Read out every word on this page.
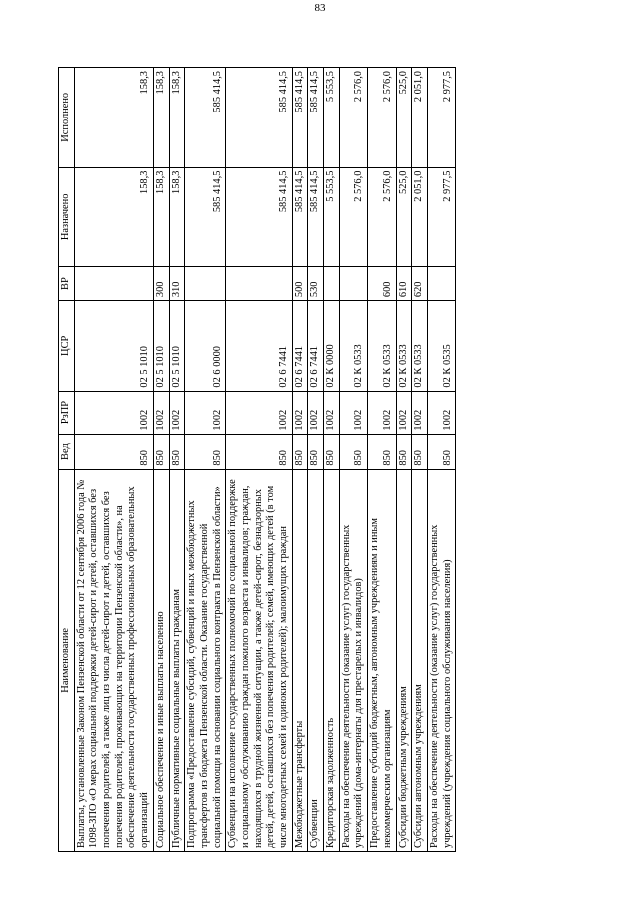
83
Наименование	Вед	РзПР	ЦСР	ВР	Назначено	Исполнено
Выплаты, установленные Законом Пензенской области от 12 сентября 2006 года № 1098-ЗПО «О мерах социальной поддержки детей-сирот и детей, оставшихся без попечения родителей, а также лиц из числа детей-сирот и детей, оставшихся без попечения родителей, проживающих на территории Пензенской области», на обеспечение деятельности государственных профессиональных образовательных организаций	850	1002	02 5 1010		158,3	158,3
Социальное обеспечение и иные выплаты населению	850	1002	02 5 1010	300	158,3	158,3
Публичные нормативные социальные выплаты гражданам	850	1002	02 5 1010	310	158,3	158,3
Подпрограмма «Предоставление субсидий, субвенций и иных межбюджетных трансфертов из бюджета Пензенской области. Оказание государственной социальной помощи на основании социального контракта в Пензенской области»	850	1002	02 6 0000		585 414,5	585 414,5
Субвенции на исполнение государственных полномочий по социальной поддержке и социальному обслуживанию граждан пожилого возраста и инвалидов; граждан, находящихся в трудной жизненной ситуации, а также детей-сирот, безнадзорных детей, детей, оставшихся без попечения родителей; семей, имеющих детей (в том числе многодетных семей и одиноких родителей); малоимущих граждан	850	1002	02 6 7441		585 414,5	585 414,5
Межбюджетные трансферты	850	1002	02 6 7441	500	585 414,5	585 414,5
Субвенции	850	1002	02 6 7441	530	585 414,5	585 414,5
Кредиторская задолженность	850	1002	02 К 0000		5 553,5	5 553,5
Расходы на обеспечение деятельности (оказание услуг) государственных учреждений (дома-интернаты для престарелых и инвалидов)	850	1002	02 К 0533		2 576,0	2 576,0
Предоставление субсидий бюджетным, автономным учреждениям и иным некоммерческим организациям	850	1002	02 К 0533	600	2 576,0	2 576,0
Субсидии бюджетным учреждениям	850	1002	02 К 0533	610	525,0	525,0
Субсидии автономным учреждениям	850	1002	02 К 0533	620	2 051,0	2 051,0
Расходы на обеспечение деятельности (оказание услуг) государственных учреждений (учреждения социального обслуживания населения)	850	1002	02 К 0535		2 977,5	2 977,5
